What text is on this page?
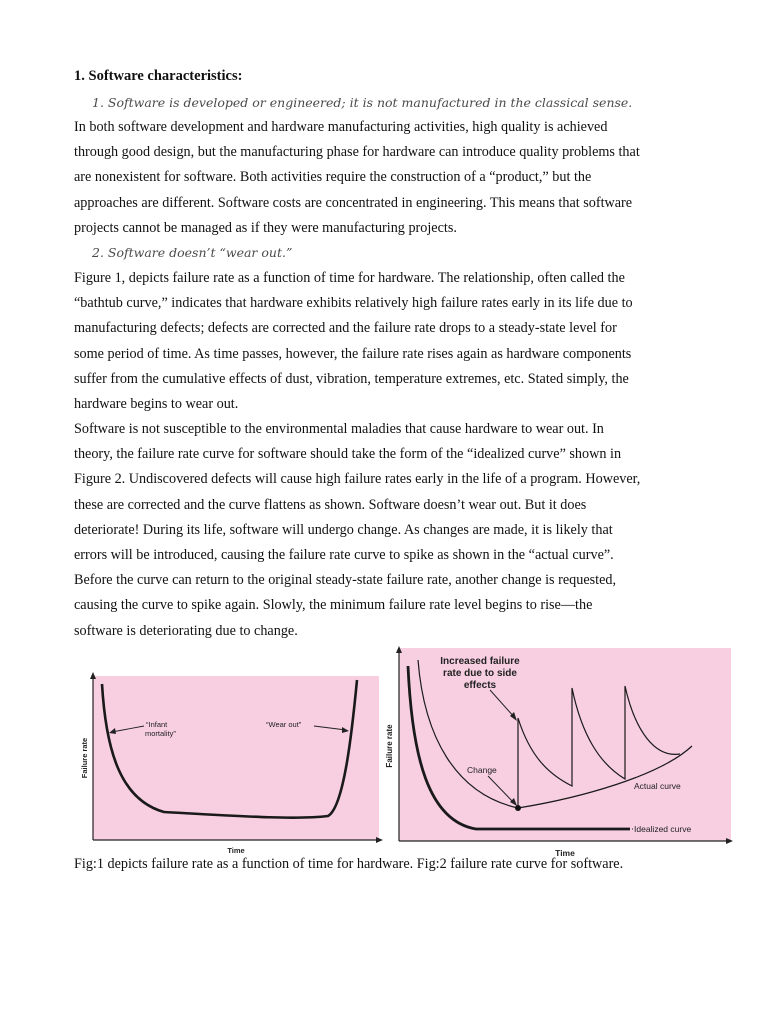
1. Software characteristics:
1. Software is developed or engineered; it is not manufactured in the classical sense.

In both software development and hardware manufacturing activities, high quality is achieved
through good design, but the manufacturing phase for hardware can introduce quality problems that
are nonexistent for software. Both activities require the construction of a “product,” but the
approaches are different. Software costs are concentrated in engineering. This means that software
projects cannot be managed as if they were manufacturing projects.

2. Software doesn’t “wear out.”

Figure 1, depicts failure rate as a function of time for hardware. The relationship, often called the
“bathtub curve,” indicates that hardware exhibits relatively high failure rates early in its life due to
manufacturing defects; defects are corrected and the failure rate drops to a steady-state level for
some period of time. As time passes, however, the failure rate rises again as hardware components
suffer from the cumulative effects of dust, vibration, temperature extremes, etc. Stated simply, the
hardware begins to wear out.

Software is not susceptible to the environmental maladies that cause hardware to wear out. In
theory, the failure rate curve for software should take the form of the “idealized curve” shown in
Figure 2. Undiscovered defects will cause high failure rates early in the life of a program. However,
these are corrected and the curve flattens as shown. Software doesn’t wear out. But it does
deteriorate! During its life, software will undergo change. As changes are made, it is likely that
errors will be introduced, causing the failure rate curve to spike as shown in the “actual curve”.
Before the curve can return to the original steady-state failure rate, another change is requested,
causing the curve to spike again. Slowly, the minimum failure rate level begins to rise—the
software is deteriorating due to change.

“Infant
mortality”
“Wear out”
Failure rate
Time
Increased failure
rate due to side
effects
Change
Actual curve
Idealized curve
Failure rate
Time
Fig:1 depicts failure rate as a function of time for hardware. Fig:2 failure rate curve for software.
